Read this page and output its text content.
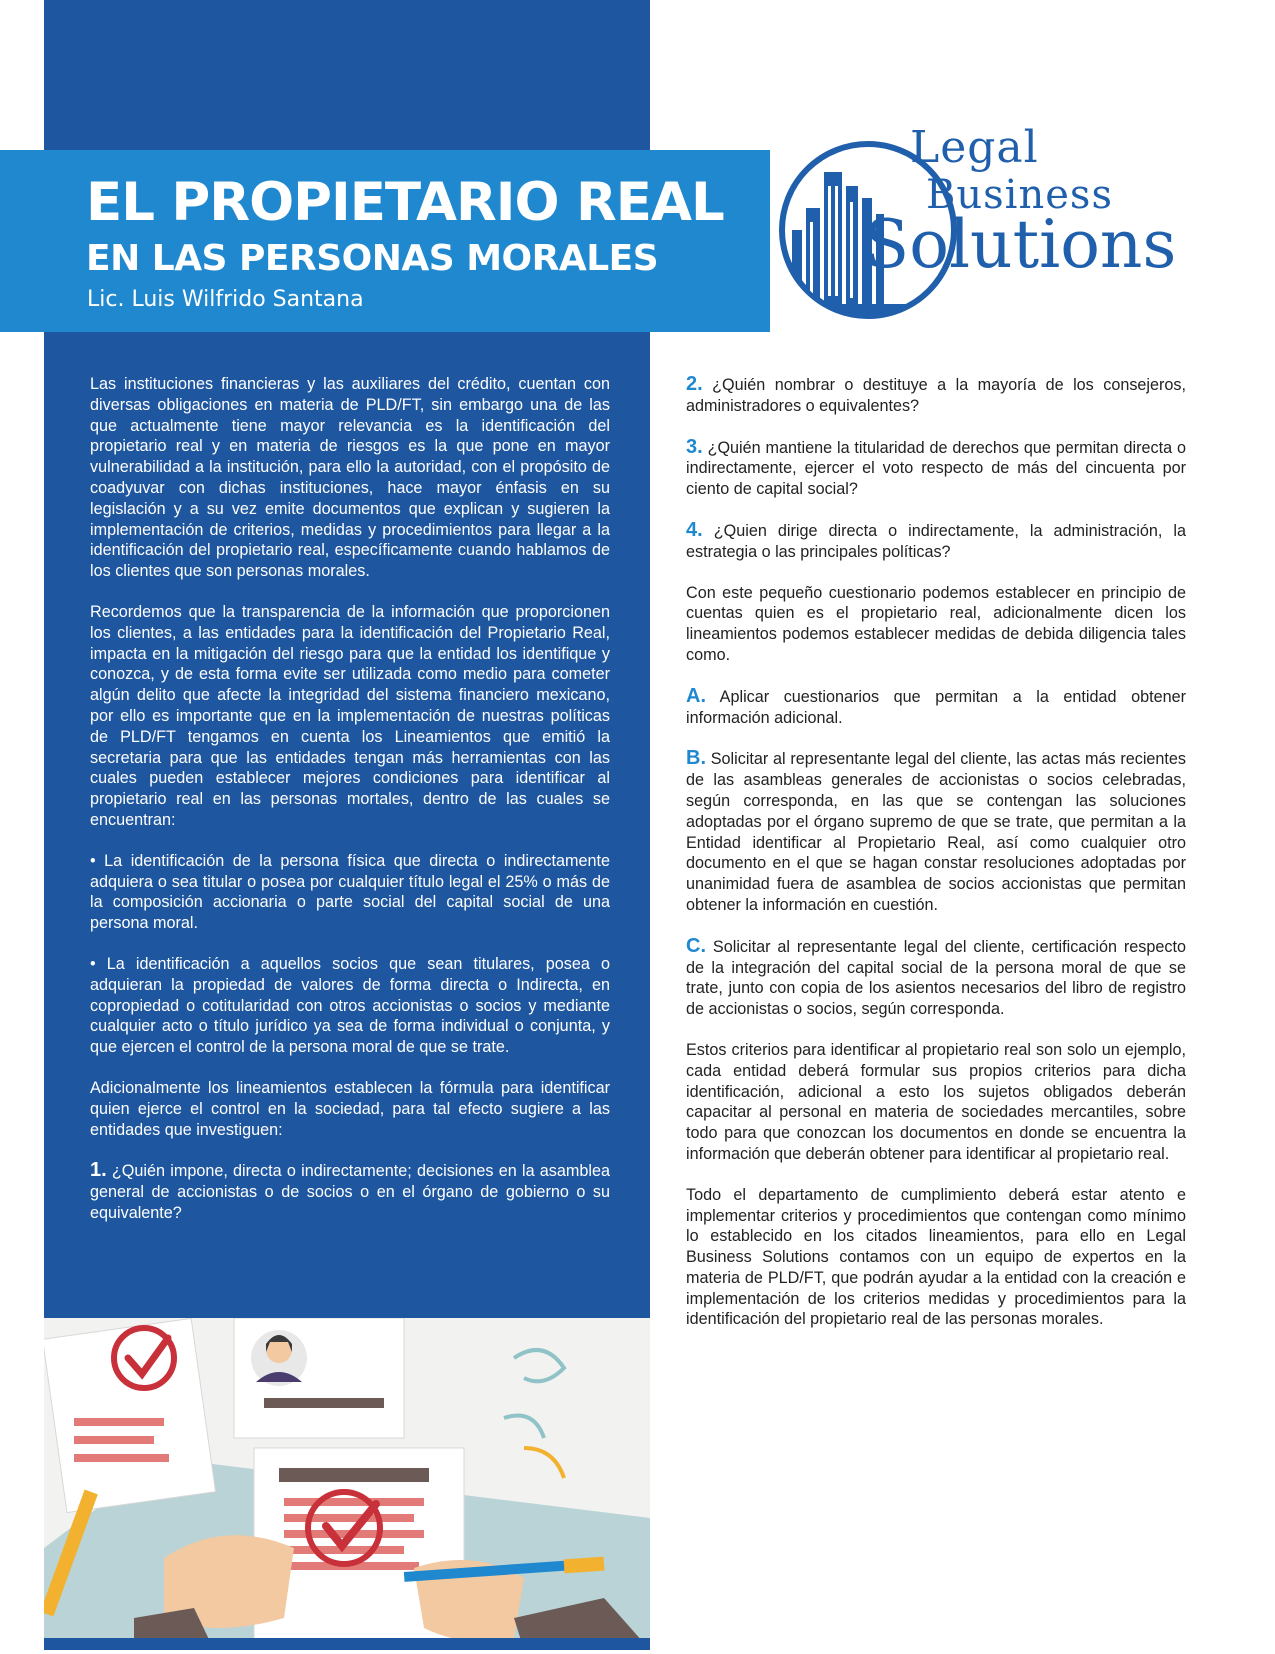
EL PROPIETARIO REAL
EN LAS PERSONAS MORALES

Lic. Luis Wilfrido Santana

Legal

Business

Solutions

Las instituciones financieras y las auxiliares del crédito, cuentan con diversas obligaciones en materia de PLD/FT, sin embargo una de las que actualmente tiene mayor relevancia es la identificación del propietario real y en materia de riesgos es la que pone en mayor vulnerabilidad a la institución, para ello la autoridad, con el propósito de coadyuvar con dichas instituciones, hace mayor énfasis en su legislación y a su vez emite documentos que explican y sugieren la implementación de criterios, medidas y procedimientos para llegar a la identificación del propietario real, específicamente cuando hablamos de los clientes que son personas morales.

Recordemos que la transparencia de la información que proporcionen los clientes, a las entidades para la identificación del Propietario Real, impacta en la mitigación del riesgo para que la entidad los identifique y conozca, y de esta forma evite ser utilizada como medio para cometer algún delito que afecte la integridad del sistema financiero mexicano, por ello es importante que en la implementación de nuestras políticas de PLD/FT tengamos en cuenta los Lineamientos que emitió la secretaria para que las entidades tengan más herramientas con las cuales pueden establecer mejores condiciones para identificar al propietario real en las personas mortales, dentro de las cuales se encuentran:

• La identificación de la persona física que directa o indirectamente adquiera o sea titular o posea por cualquier título legal el 25% o más de la composición accionaria o parte social del capital social de una persona moral.

• La identificación a aquellos socios que sean titulares, posea o adquieran la propiedad de valores de forma directa o Indirecta, en copropiedad o cotitularidad con otros accionistas o socios y mediante cualquier acto o título jurídico ya sea de forma individual o conjunta, y que ejercen el control de la persona moral de que se trate.

Adicionalmente los lineamientos establecen la fórmula para identificar quien ejerce el control en la sociedad, para tal efecto sugiere a las entidades que investiguen:

1. ¿Quién impone, directa o indirectamente; decisiones en la asamblea general de accionistas o de socios o en el órgano de gobierno o su equivalente?

2. ¿Quién nombrar o destituye a la mayoría de los consejeros, administradores o equivalentes?

3. ¿Quién mantiene la titularidad de derechos que permitan directa o indirectamente, ejercer el voto respecto de más del cincuenta por ciento de capital social?

4. ¿Quien dirige directa o indirectamente, la administración, la estrategia o las principales políticas?

Con este pequeño cuestionario podemos establecer en principio de cuentas quien es el propietario real, adicionalmente dicen los lineamientos podemos establecer medidas de debida diligencia tales como.

A. Aplicar cuestionarios que permitan a la entidad obtener información adicional.

B. Solicitar al representante legal del cliente, las actas más recientes de las asambleas generales de accionistas o socios celebradas, según corresponda, en las que se contengan las soluciones adoptadas por el órgano supremo de que se trate, que permitan a la Entidad identificar al Propietario Real, así como cualquier otro documento en el que se hagan constar resoluciones adoptadas por unanimidad fuera de asamblea de socios accionistas que permitan obtener la información en cuestión.

C. Solicitar al representante legal del cliente, certificación respecto de la integración del capital social de la persona moral de que se trate, junto con copia de los asientos necesarios del libro de registro de accionistas o socios, según corresponda.

Estos criterios para identificar al propietario real son solo un ejemplo, cada entidad deberá formular sus propios criterios para dicha identificación, adicional a esto los sujetos obligados deberán capacitar al personal en materia de sociedades mercantiles, sobre todo para que conozcan los documentos en donde se encuentra la información que deberán obtener para identificar al propietario real.

Todo el departamento de cumplimiento deberá estar atento e implementar criterios y procedimientos que contengan como mínimo lo establecido en los citados lineamientos, para ello en Legal Business Solutions contamos con un equipo de expertos en la materia de PLD/FT, que podrán ayudar a la entidad con la creación e implementación de los criterios medidas y procedimientos para la identificación del propietario real de las personas morales.
